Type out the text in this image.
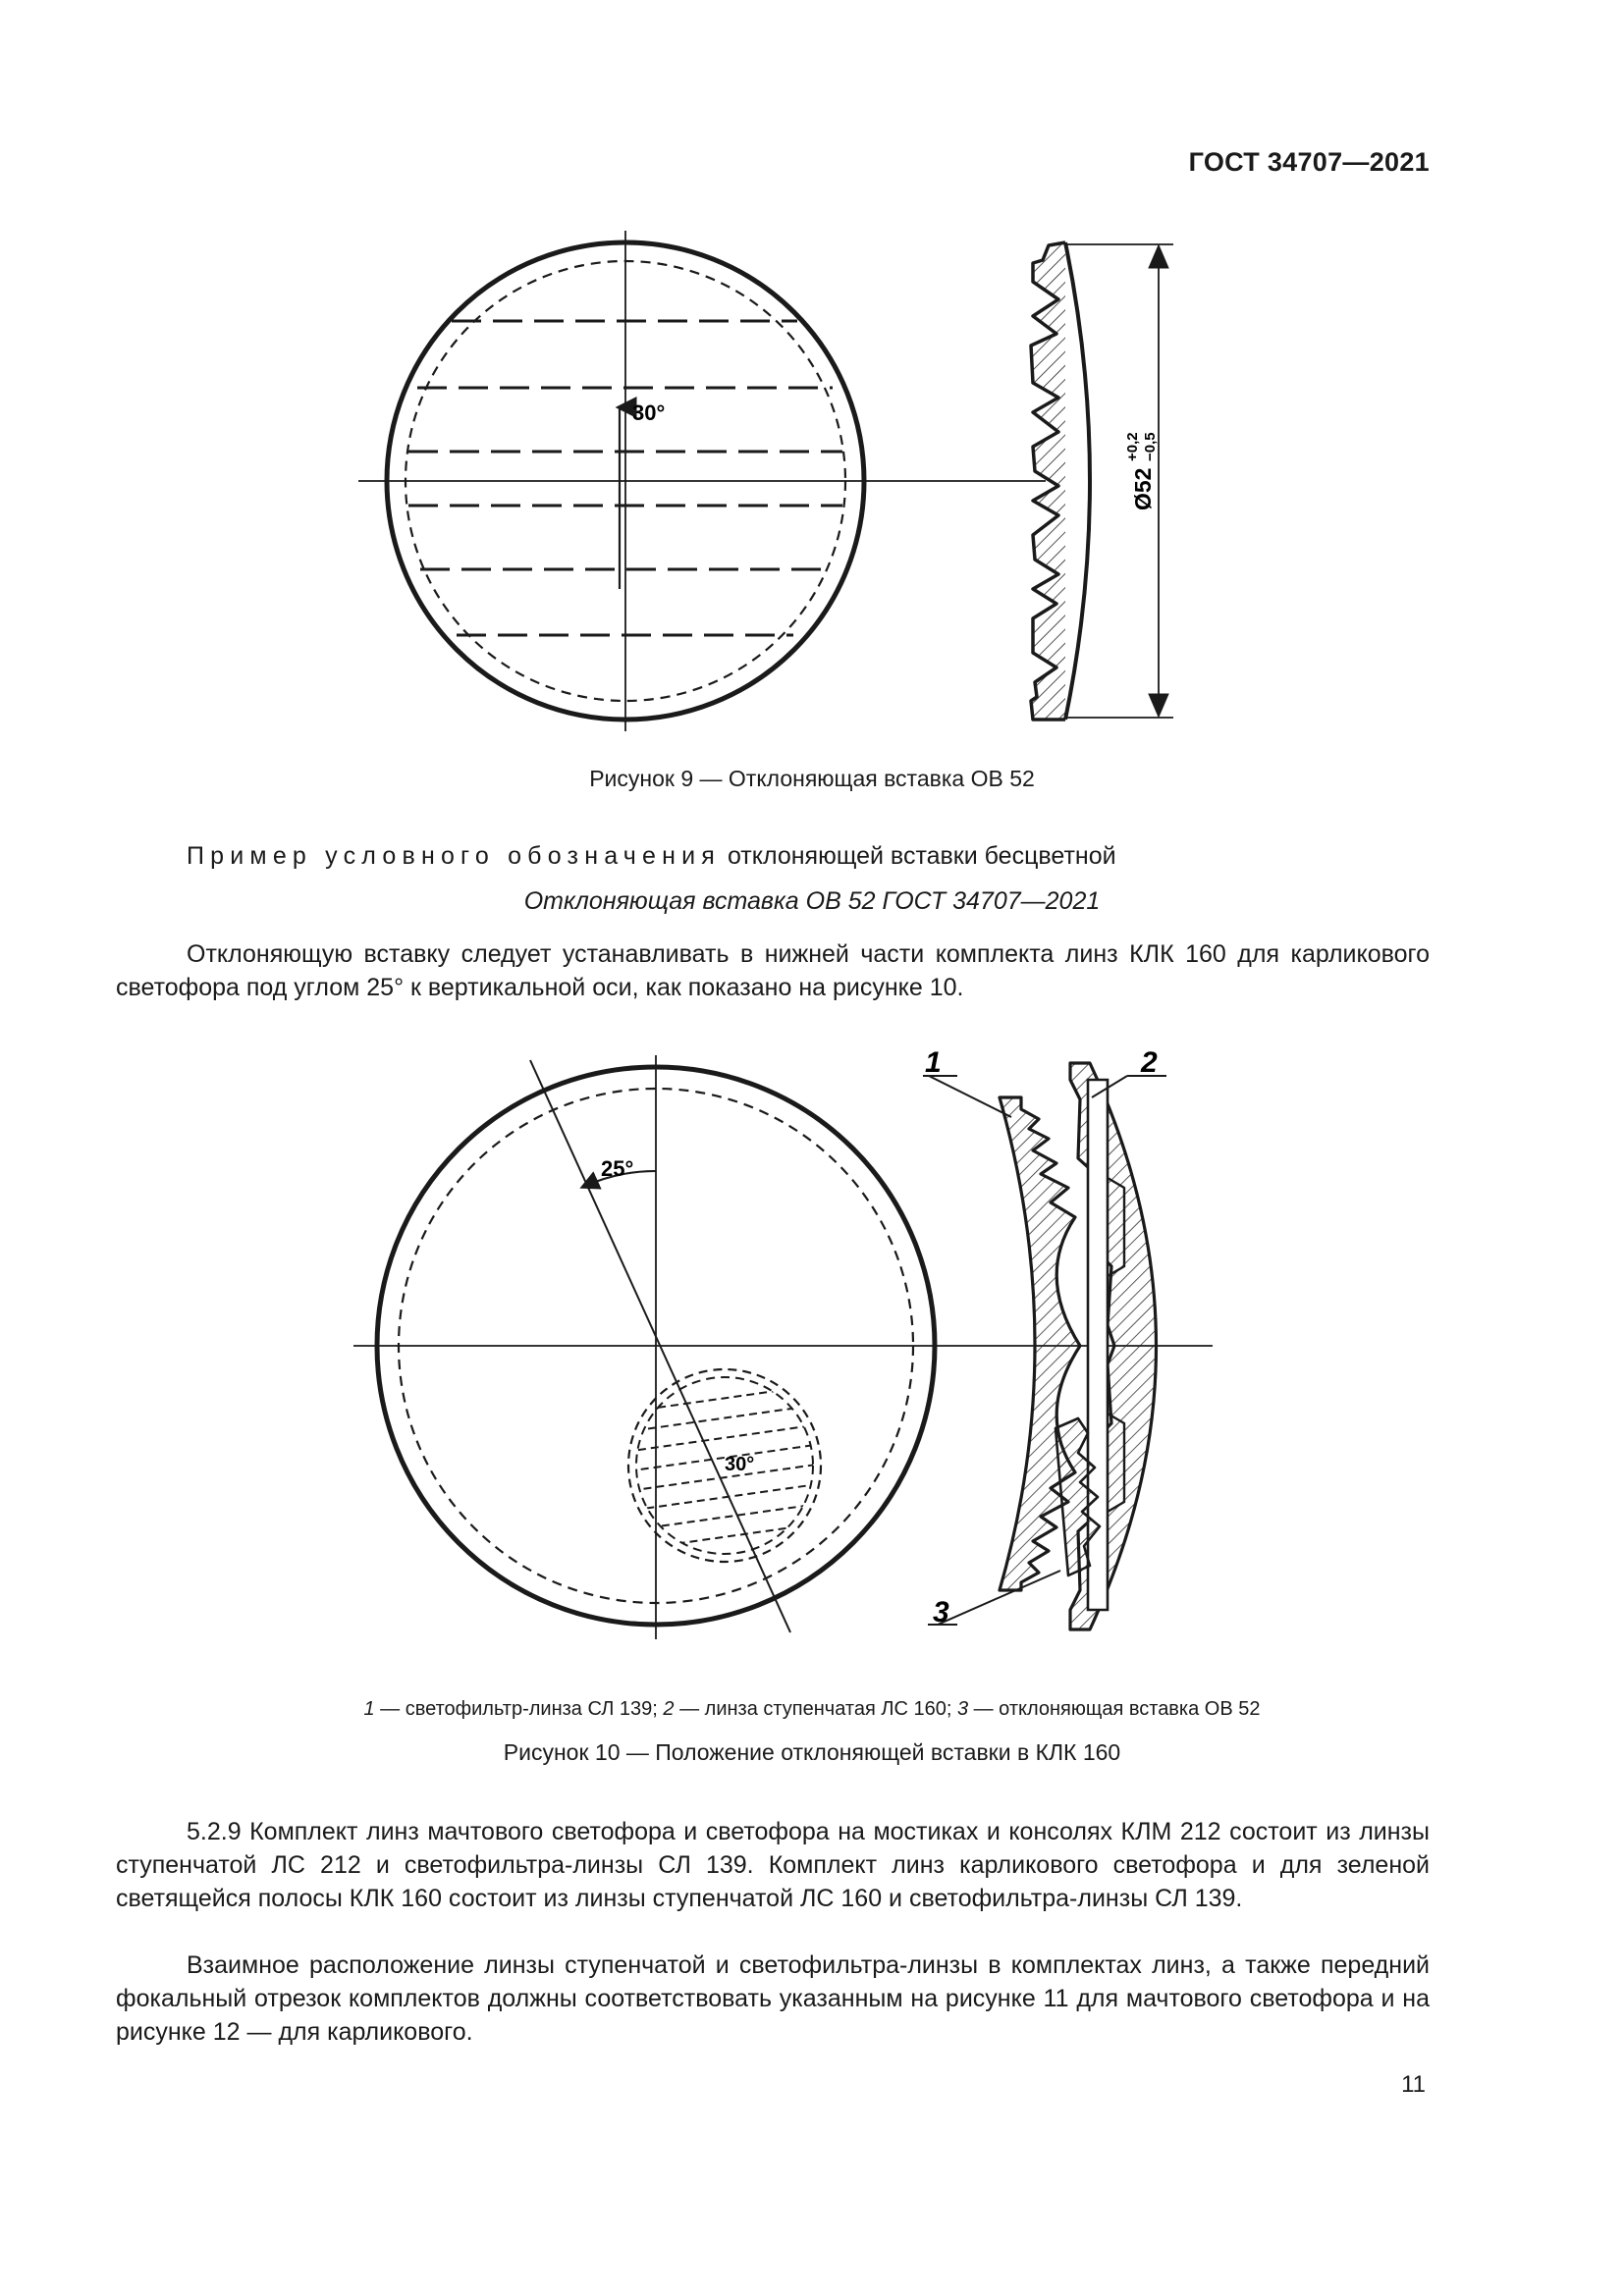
ГОСТ 34707—2021
30°
Ø52
+0,2 −0,5
Рисунок 9 — Отклоняющая вставка ОВ 52
Пример условного обозначения отклоняющей вставки бесцветной
Отклоняющая вставка ОВ 52 ГОСТ 34707—2021
Отклоняющую вставку следует устанавливать в нижней части комплекта линз КЛК 160 для карликового светофора под углом 25° к вертикальной оси, как показано на рисунке 10.
25°
30°
1	2
3
1 — светофильтр-линза СЛ 139; 2 — линза ступенчатая ЛС 160; 3 — отклоняющая вставка ОВ 52
Рисунок 10 — Положение отклоняющей вставки в КЛК 160
5.2.9 Комплект линз мачтового светофора и светофора на мостиках и консолях КЛМ 212 состоит из линзы ступенчатой ЛС 212 и светофильтра-линзы СЛ 139. Комплект линз карликового светофора и для зеленой светящейся полосы КЛК 160 состоит из линзы ступенчатой ЛС 160 и светофильтра-линзы СЛ 139.
Взаимное расположение линзы ступенчатой и светофильтра-линзы в комплектах линз, а также передний фокальный отрезок комплектов должны соответствовать указанным на рисунке 11 для мачтового светофора и на рисунке 12 — для карликового.
11
